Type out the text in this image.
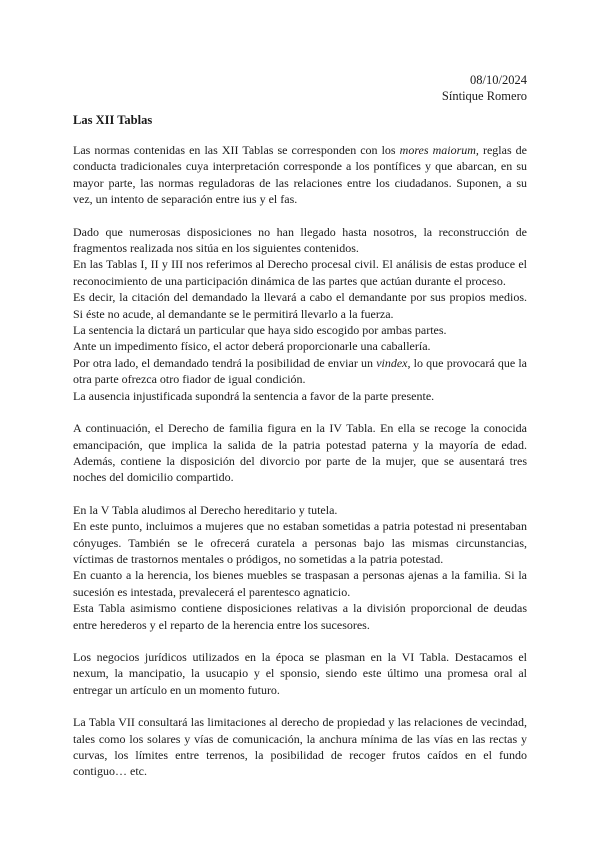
08/10/2024
Síntique Romero
Las XII Tablas
Las normas contenidas en las XII Tablas se corresponden con los mores maiorum, reglas de
conducta tradicionales cuya interpretación corresponde a los pontífices y que abarcan, en su
mayor parte, las normas reguladoras de las relaciones entre los ciudadanos. Suponen, a su
vez, un intento de separación entre ius y el fas.
Dado que numerosas disposiciones no han llegado hasta nosotros, la reconstrucción de
fragmentos realizada nos sitúa en los siguientes contenidos.
En las Tablas I, II y III nos referimos al Derecho procesal civil. El análisis de estas produce el
reconocimiento de una participación dinámica de las partes que actúan durante el proceso.
Es decir, la citación del demandado la llevará a cabo el demandante por sus propios medios.
Si éste no acude, al demandante se le permitirá llevarlo a la fuerza.
La sentencia la dictará un particular que haya sido escogido por ambas partes.
Ante un impedimento físico, el actor deberá proporcionarle una caballería.
Por otra lado, el demandado tendrá la posibilidad de enviar un vindex, lo que provocará que la
otra parte ofrezca otro fiador de igual condición.
La ausencia injustificada supondrá la sentencia a favor de la parte presente.
A continuación, el Derecho de familia figura en la IV Tabla. En ella se recoge la conocida
emancipación, que implica la salida de la patria potestad paterna y la mayoría de edad.
Además, contiene la disposición del divorcio por parte de la mujer, que se ausentará tres
noches del domicilio compartido.
En la V Tabla aludimos al Derecho hereditario y tutela.
En este punto, incluimos a mujeres que no estaban sometidas a patria potestad ni presentaban
cónyuges. También se le ofrecerá curatela a personas bajo las mismas circunstancias,
víctimas de trastornos mentales o pródigos, no sometidas a la patria potestad.
En cuanto a la herencia, los bienes muebles se traspasan a personas ajenas a la familia. Si la
sucesión es intestada, prevalecerá el parentesco agnaticio.
Esta Tabla asimismo contiene disposiciones relativas a la división proporcional de deudas
entre herederos y el reparto de la herencia entre los sucesores.
Los negocios jurídicos utilizados en la época se plasman en la VI Tabla. Destacamos el
nexum, la mancipatio, la usucapio y el sponsio, siendo este último una promesa oral al
entregar un artículo en un momento futuro.
La Tabla VII consultará las limitaciones al derecho de propiedad y las relaciones de vecindad,
tales como los solares y vías de comunicación, la anchura mínima de las vías en las rectas y
curvas, los límites entre terrenos, la posibilidad de recoger frutos caídos en el fundo
contiguo… etc.
